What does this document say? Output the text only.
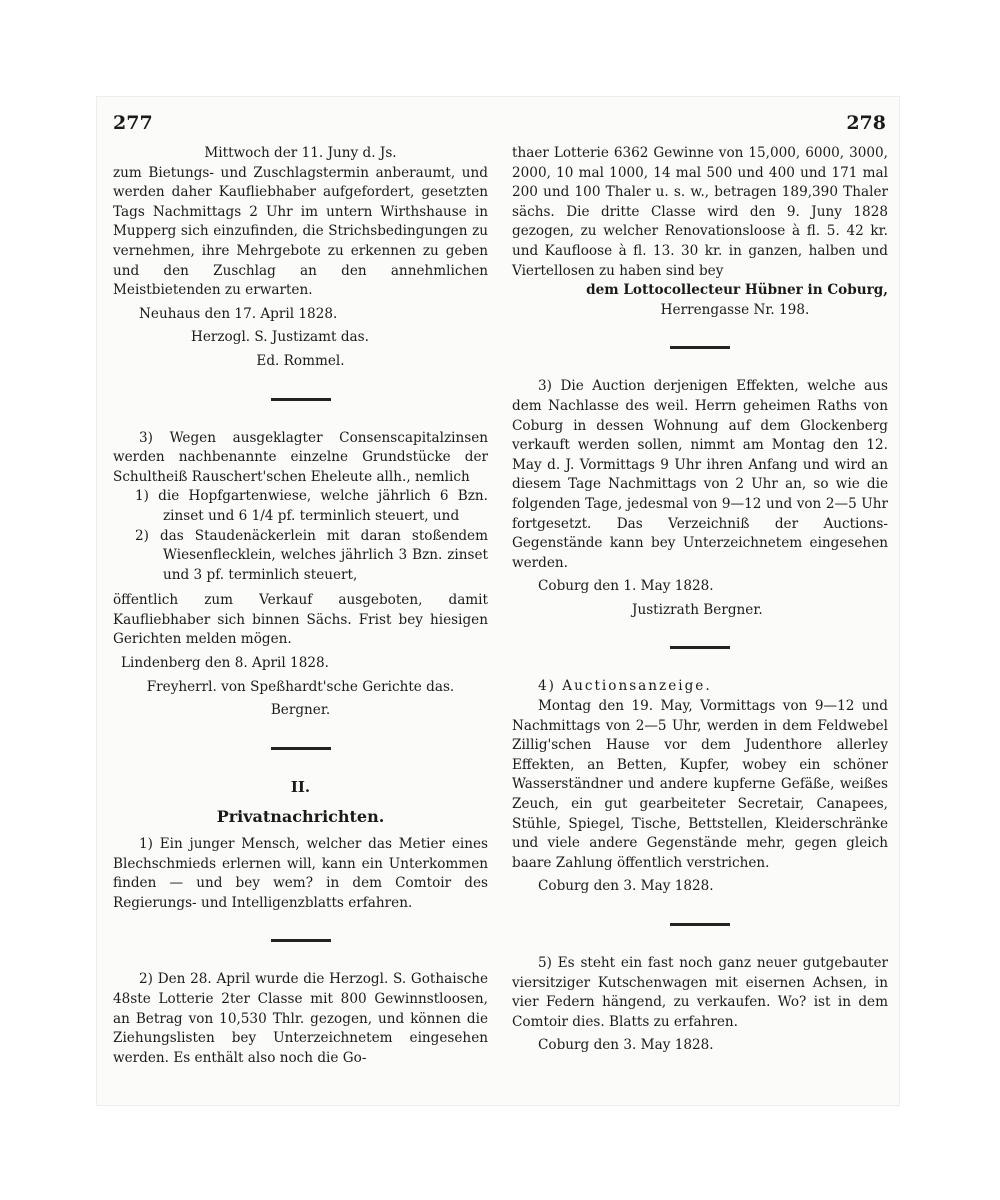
277	278

Mittwoch der 11. Juny d. Js.

zum Bietungs- und Zuschlagstermin anberaumt, und werden daher Kaufliebhaber aufgefordert, gesetzten Tags Nachmittags 2 Uhr im untern Wirthshause in Mupperg sich einzufinden, die Strichsbedingungen zu vernehmen, ihre Mehrgebote zu erkennen zu geben und den Zuschlag an den annehmlichen Meistbietenden zu erwarten.

Neuhaus den 17. April 1828.

Herzogl. S. Justizamt das.

Ed. Rommel.

3) Wegen ausgeklagter Consenscapitalzinsen werden nachbenannte einzelne Grundstücke der Schultheiß Rauschert'schen Eheleute allh., nemlich

1) die Hopfgartenwiese, welche jährlich 6 Bzn. zinset und 6 1/4 pf. terminlich steuert, und

2) das Staudenäckerlein mit daran stoßendem Wiesenflecklein, welches jährlich 3 Bzn. zinset und 3 pf. terminlich steuert,

öffentlich zum Verkauf ausgeboten, damit Kaufliebhaber sich binnen Sächs. Frist bey hiesigen Gerichten melden mögen.

Lindenberg den 8. April 1828.

Freyherrl. von Speßhardt'sche Gerichte das.

Bergner.

II.

Privatnachrichten.

1) Ein junger Mensch, welcher das Metier eines Blechschmieds erlernen will, kann ein Unterkommen finden — und bey wem? in dem Comtoir des Regierungs- und Intelligenzblatts erfahren.

2) Den 28. April wurde die Herzogl. S. Gothaische 48ste Lotterie 2ter Classe mit 800 Gewinnstloosen, an Betrag von 10,530 Thlr. gezogen, und können die Ziehungslisten bey Unterzeichnetem eingesehen werden. Es enthält also noch die Go-

thaer Lotterie 6362 Gewinne von 15,000, 6000, 3000, 2000, 10 mal 1000, 14 mal 500 und 400 und 171 mal 200 und 100 Thaler u. s. w., betragen 189,390 Thaler sächs. Die dritte Classe wird den 9. Juny 1828 gezogen, zu welcher Renovationsloose à fl. 5. 42 kr. und Kaufloose à fl. 13. 30 kr. in ganzen, halben und Viertellosen zu haben sind bey

dem Lottocollecteur Hübner in Coburg,

Herrengasse Nr. 198.

3) Die Auction derjenigen Effekten, welche aus dem Nachlasse des weil. Herrn geheimen Raths von Coburg in dessen Wohnung auf dem Glockenberg verkauft werden sollen, nimmt am Montag den 12. May d. J. Vormittags 9 Uhr ihren Anfang und wird an diesem Tage Nachmittags von 2 Uhr an, so wie die folgenden Tage, jedesmal von 9—12 und von 2—5 Uhr fortgesetzt. Das Verzeichniß der Auctions-Gegenstände kann bey Unterzeichnetem eingesehen werden.

Coburg den 1. May 1828.

Justizrath Bergner.

4) Auctionsanzeige.

Montag den 19. May, Vormittags von 9—12 und Nachmittags von 2—5 Uhr, werden in dem Feldwebel Zillig'schen Hause vor dem Judenthore allerley Effekten, an Betten, Kupfer, wobey ein schöner Wasserständner und andere kupferne Gefäße, weißes Zeuch, ein gut gearbeiteter Secretair, Canapees, Stühle, Spiegel, Tische, Bettstellen, Kleiderschränke und viele andere Gegenstände mehr, gegen gleich baare Zahlung öffentlich verstrichen.

Coburg den 3. May 1828.

5) Es steht ein fast noch ganz neuer gutgebauter viersitziger Kutschenwagen mit eisernen Achsen, in vier Federn hängend, zu verkaufen. Wo? ist in dem Comtoir dies. Blatts zu erfahren.

Coburg den 3. May 1828.
